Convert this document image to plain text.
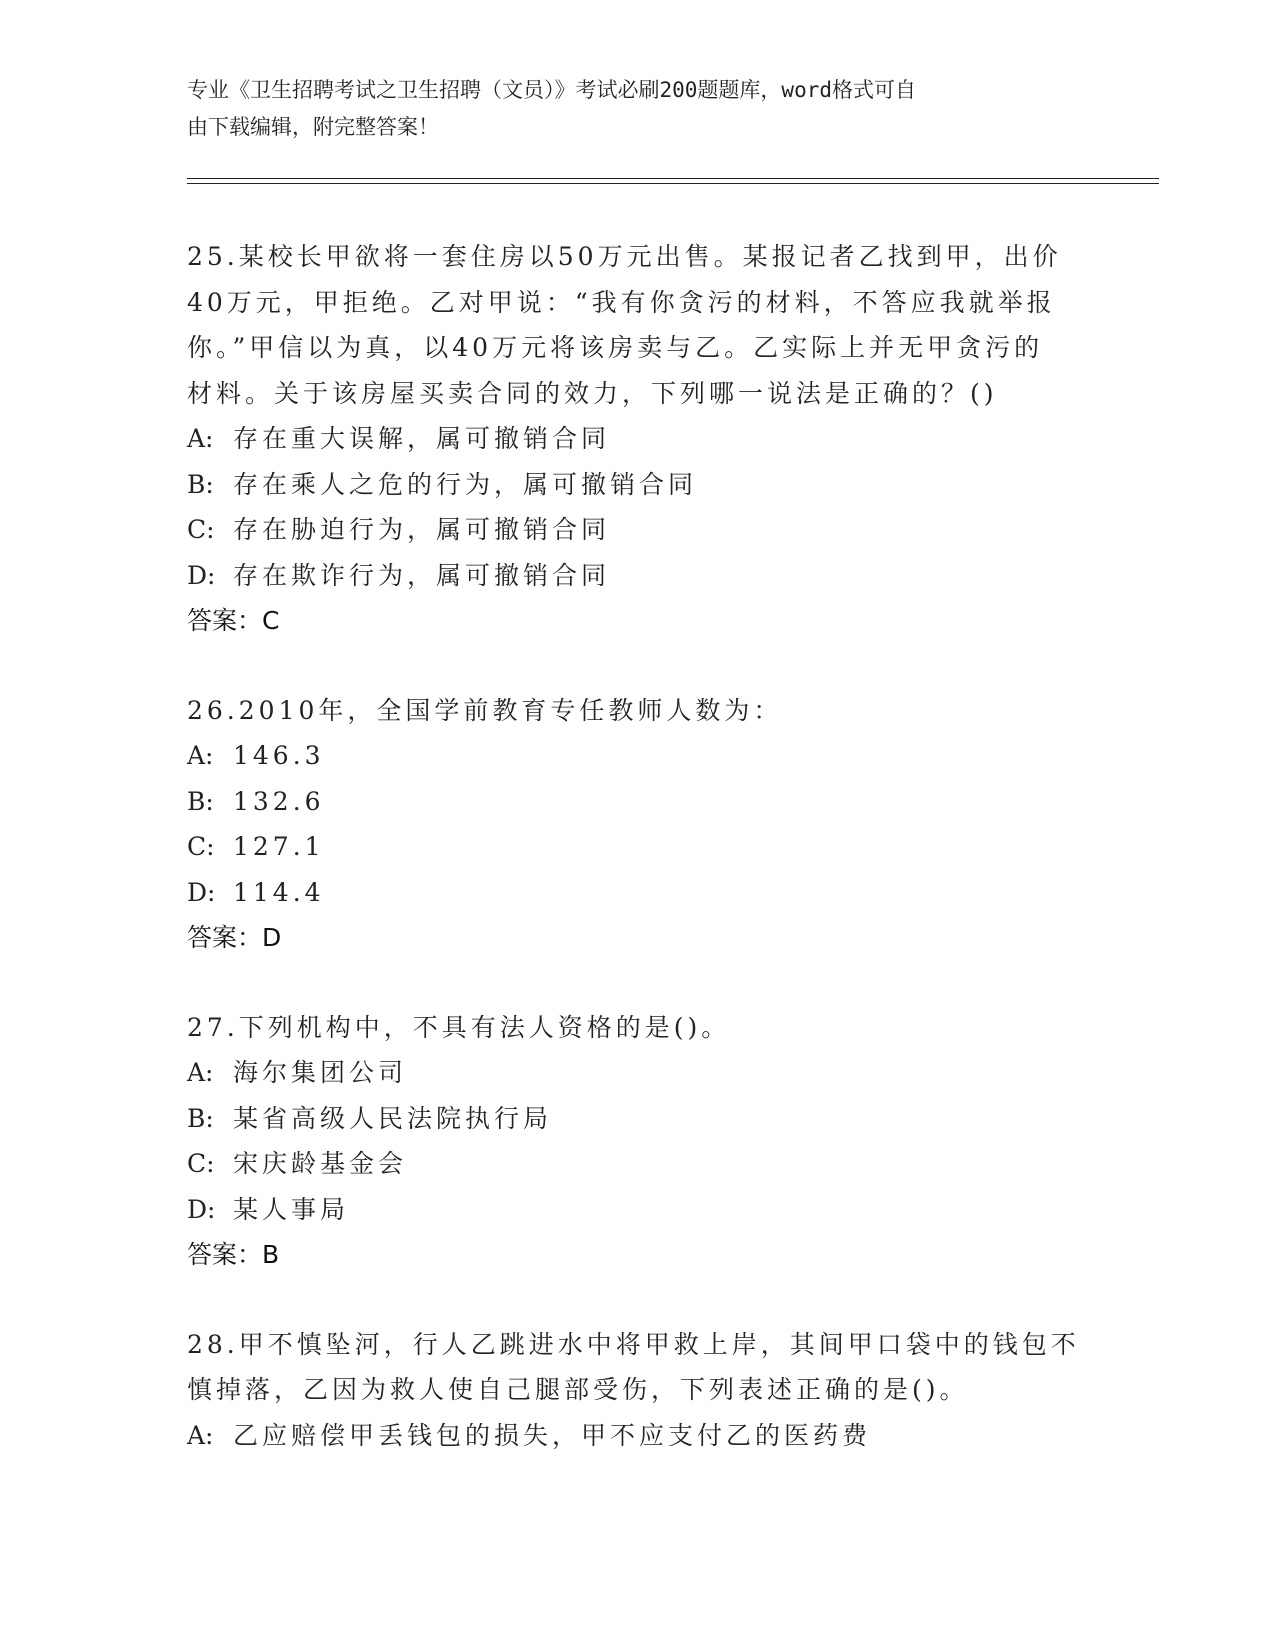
专业《卫生招聘考试之卫生招聘（文员）》考试必刷200题题库，word格式可自
由下载编辑，附完整答案！
25.某校长甲欲将一套住房以50万元出售。某报记者乙找到甲，出价
40万元，甲拒绝。乙对甲说：“我有你贪污的材料，不答应我就举报
你。”甲信以为真，以40万元将该房卖与乙。乙实际上并无甲贪污的
材料。关于该房屋买卖合同的效力，下列哪一说法是正确的？()
A: 存在重大误解，属可撤销合同
B: 存在乘人之危的行为，属可撤销合同
C: 存在胁迫行为，属可撤销合同
D: 存在欺诈行为，属可撤销合同
答案：C
26.2010年，全国学前教育专任教师人数为：
A: 146.3
B: 132.6
C: 127.1
D: 114.4
答案：D
27.下列机构中，不具有法人资格的是()。
A: 海尔集团公司
B: 某省高级人民法院执行局
C: 宋庆龄基金会
D: 某人事局
答案：B
28.甲不慎坠河，行人乙跳进水中将甲救上岸，其间甲口袋中的钱包不
慎掉落，乙因为救人使自己腿部受伤，下列表述正确的是()。
A: 乙应赔偿甲丢钱包的损失，甲不应支付乙的医药费
